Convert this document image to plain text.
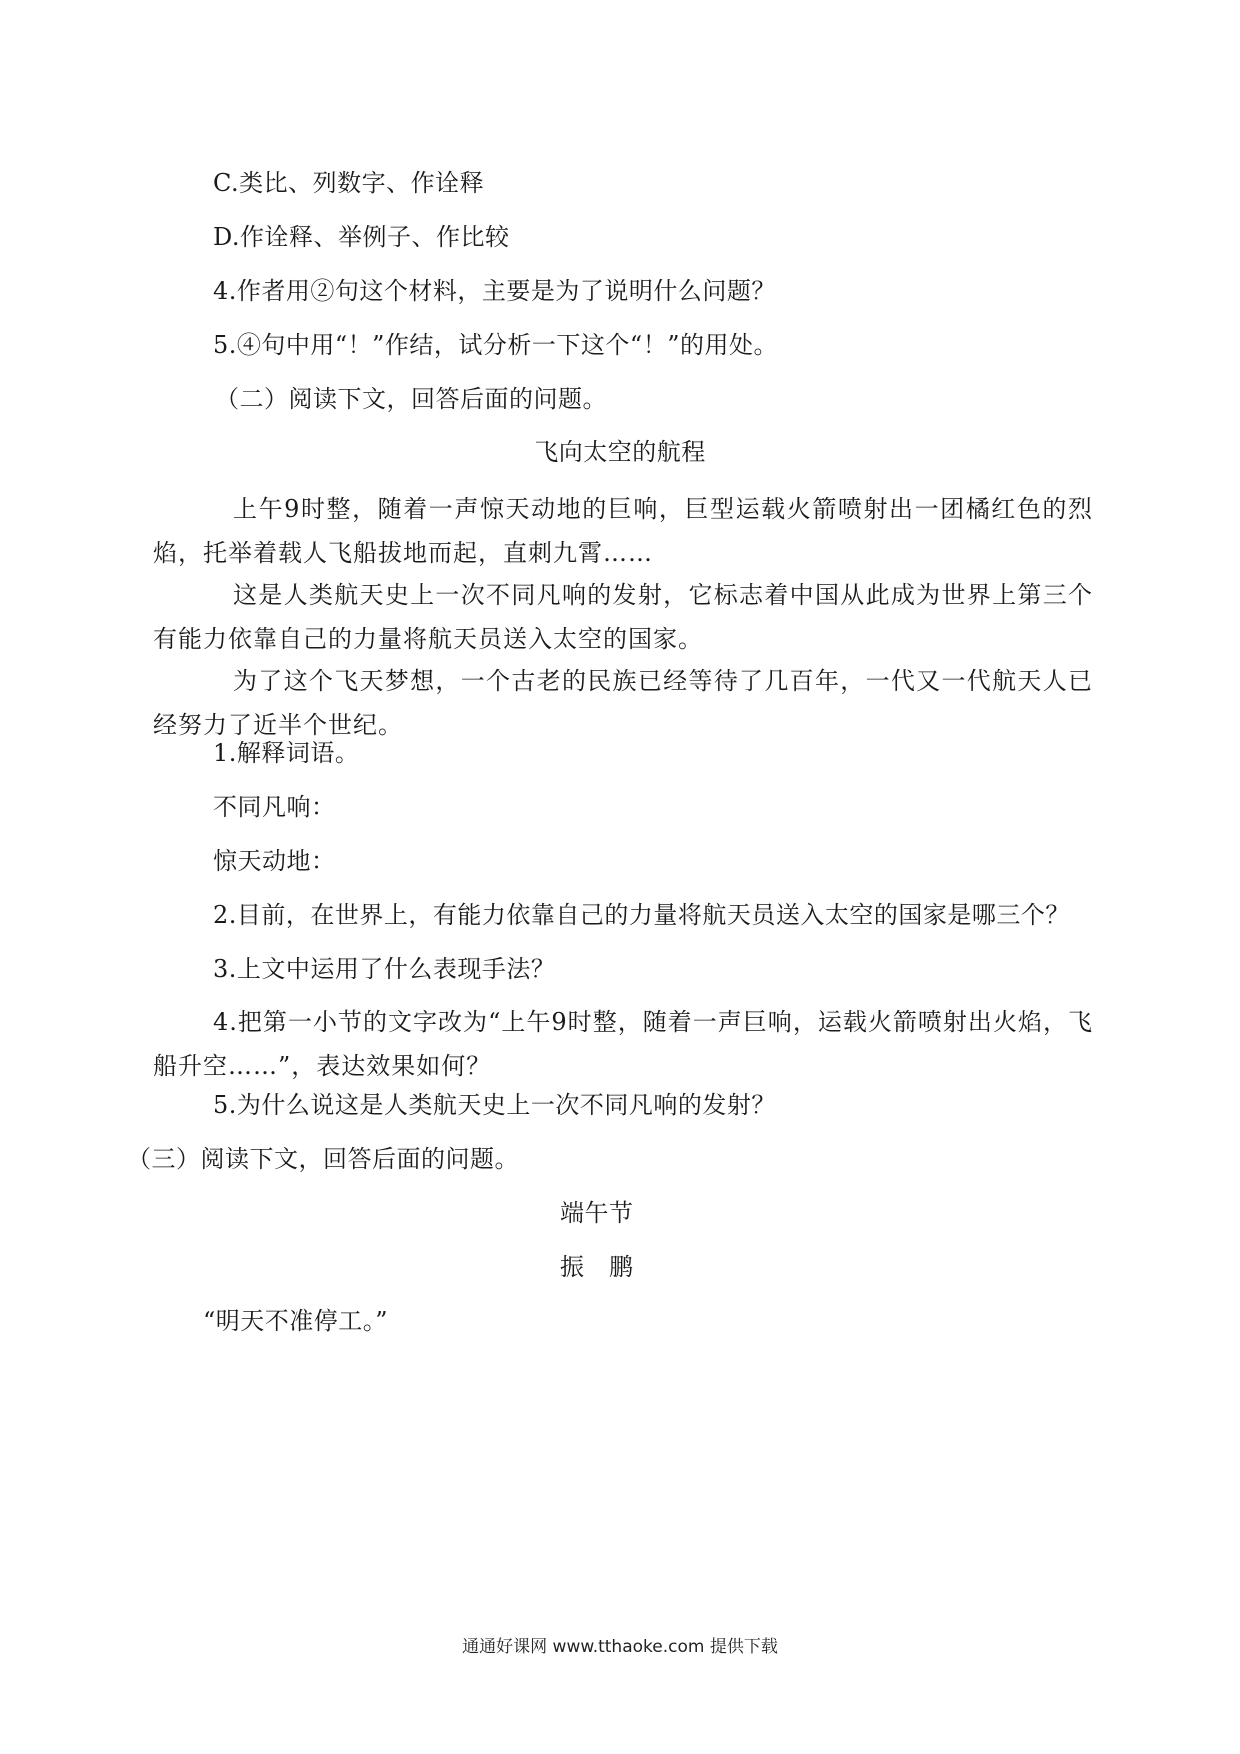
C.类比、列数字、作诠释
D.作诠释、举例子、作比较
4.作者用②句这个材料，主要是为了说明什么问题？
5.④句中用“！”作结，试分析一下这个“！”的用处。
（二）阅读下文，回答后面的问题。
飞向太空的航程
上午9时整，随着一声惊天动地的巨响，巨型运载火箭喷射出一团橘红色的烈焰，托举着载人飞船拔地而起，直刺九霄……
这是人类航天史上一次不同凡响的发射，它标志着中国从此成为世界上第三个有能力依靠自己的力量将航天员送入太空的国家。
为了这个飞天梦想，一个古老的民族已经等待了几百年，一代又一代航天人已经努力了近半个世纪。
1.解释词语。
不同凡响：
惊天动地：
2.目前，在世界上，有能力依靠自己的力量将航天员送入太空的国家是哪三个？
3.上文中运用了什么表现手法？
4.把第一小节的文字改为“上午9时整，随着一声巨响，运载火箭喷射出火焰，飞船升空……”，表达效果如何？
5.为什么说这是人类航天史上一次不同凡响的发射？
（三）阅读下文，回答后面的问题。
端午节
振　鹏
“明天不准停工。”
通通好课网 www.tthaoke.com 提供下载
